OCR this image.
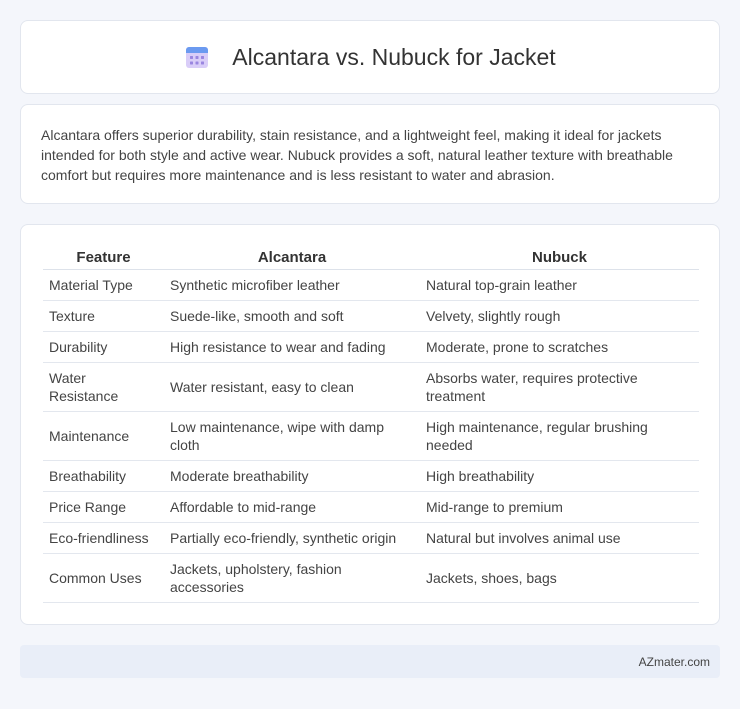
Alcantara vs. Nubuck for Jacket

Alcantara offers superior durability, stain resistance, and a lightweight feel, making it ideal for jackets intended for both style and active wear. Nubuck provides a soft, natural leather texture with breathable comfort but requires more maintenance and is less resistant to water and abrasion.

Feature	Alcantara	Nubuck
Material Type	Synthetic microfiber leather	Natural top-grain leather
Texture	Suede-like, smooth and soft	Velvety, slightly rough
Durability	High resistance to wear and fading	Moderate, prone to scratches
Water Resistance	Water resistant, easy to clean	Absorbs water, requires protective treatment
Maintenance	Low maintenance, wipe with damp cloth	High maintenance, regular brushing needed
Breathability	Moderate breathability	High breathability
Price Range	Affordable to mid-range	Mid-range to premium
Eco-friendliness	Partially eco-friendly, synthetic origin	Natural but involves animal use
Common Uses	Jackets, upholstery, fashion accessories	Jackets, shoes, bags
AZmater.com
